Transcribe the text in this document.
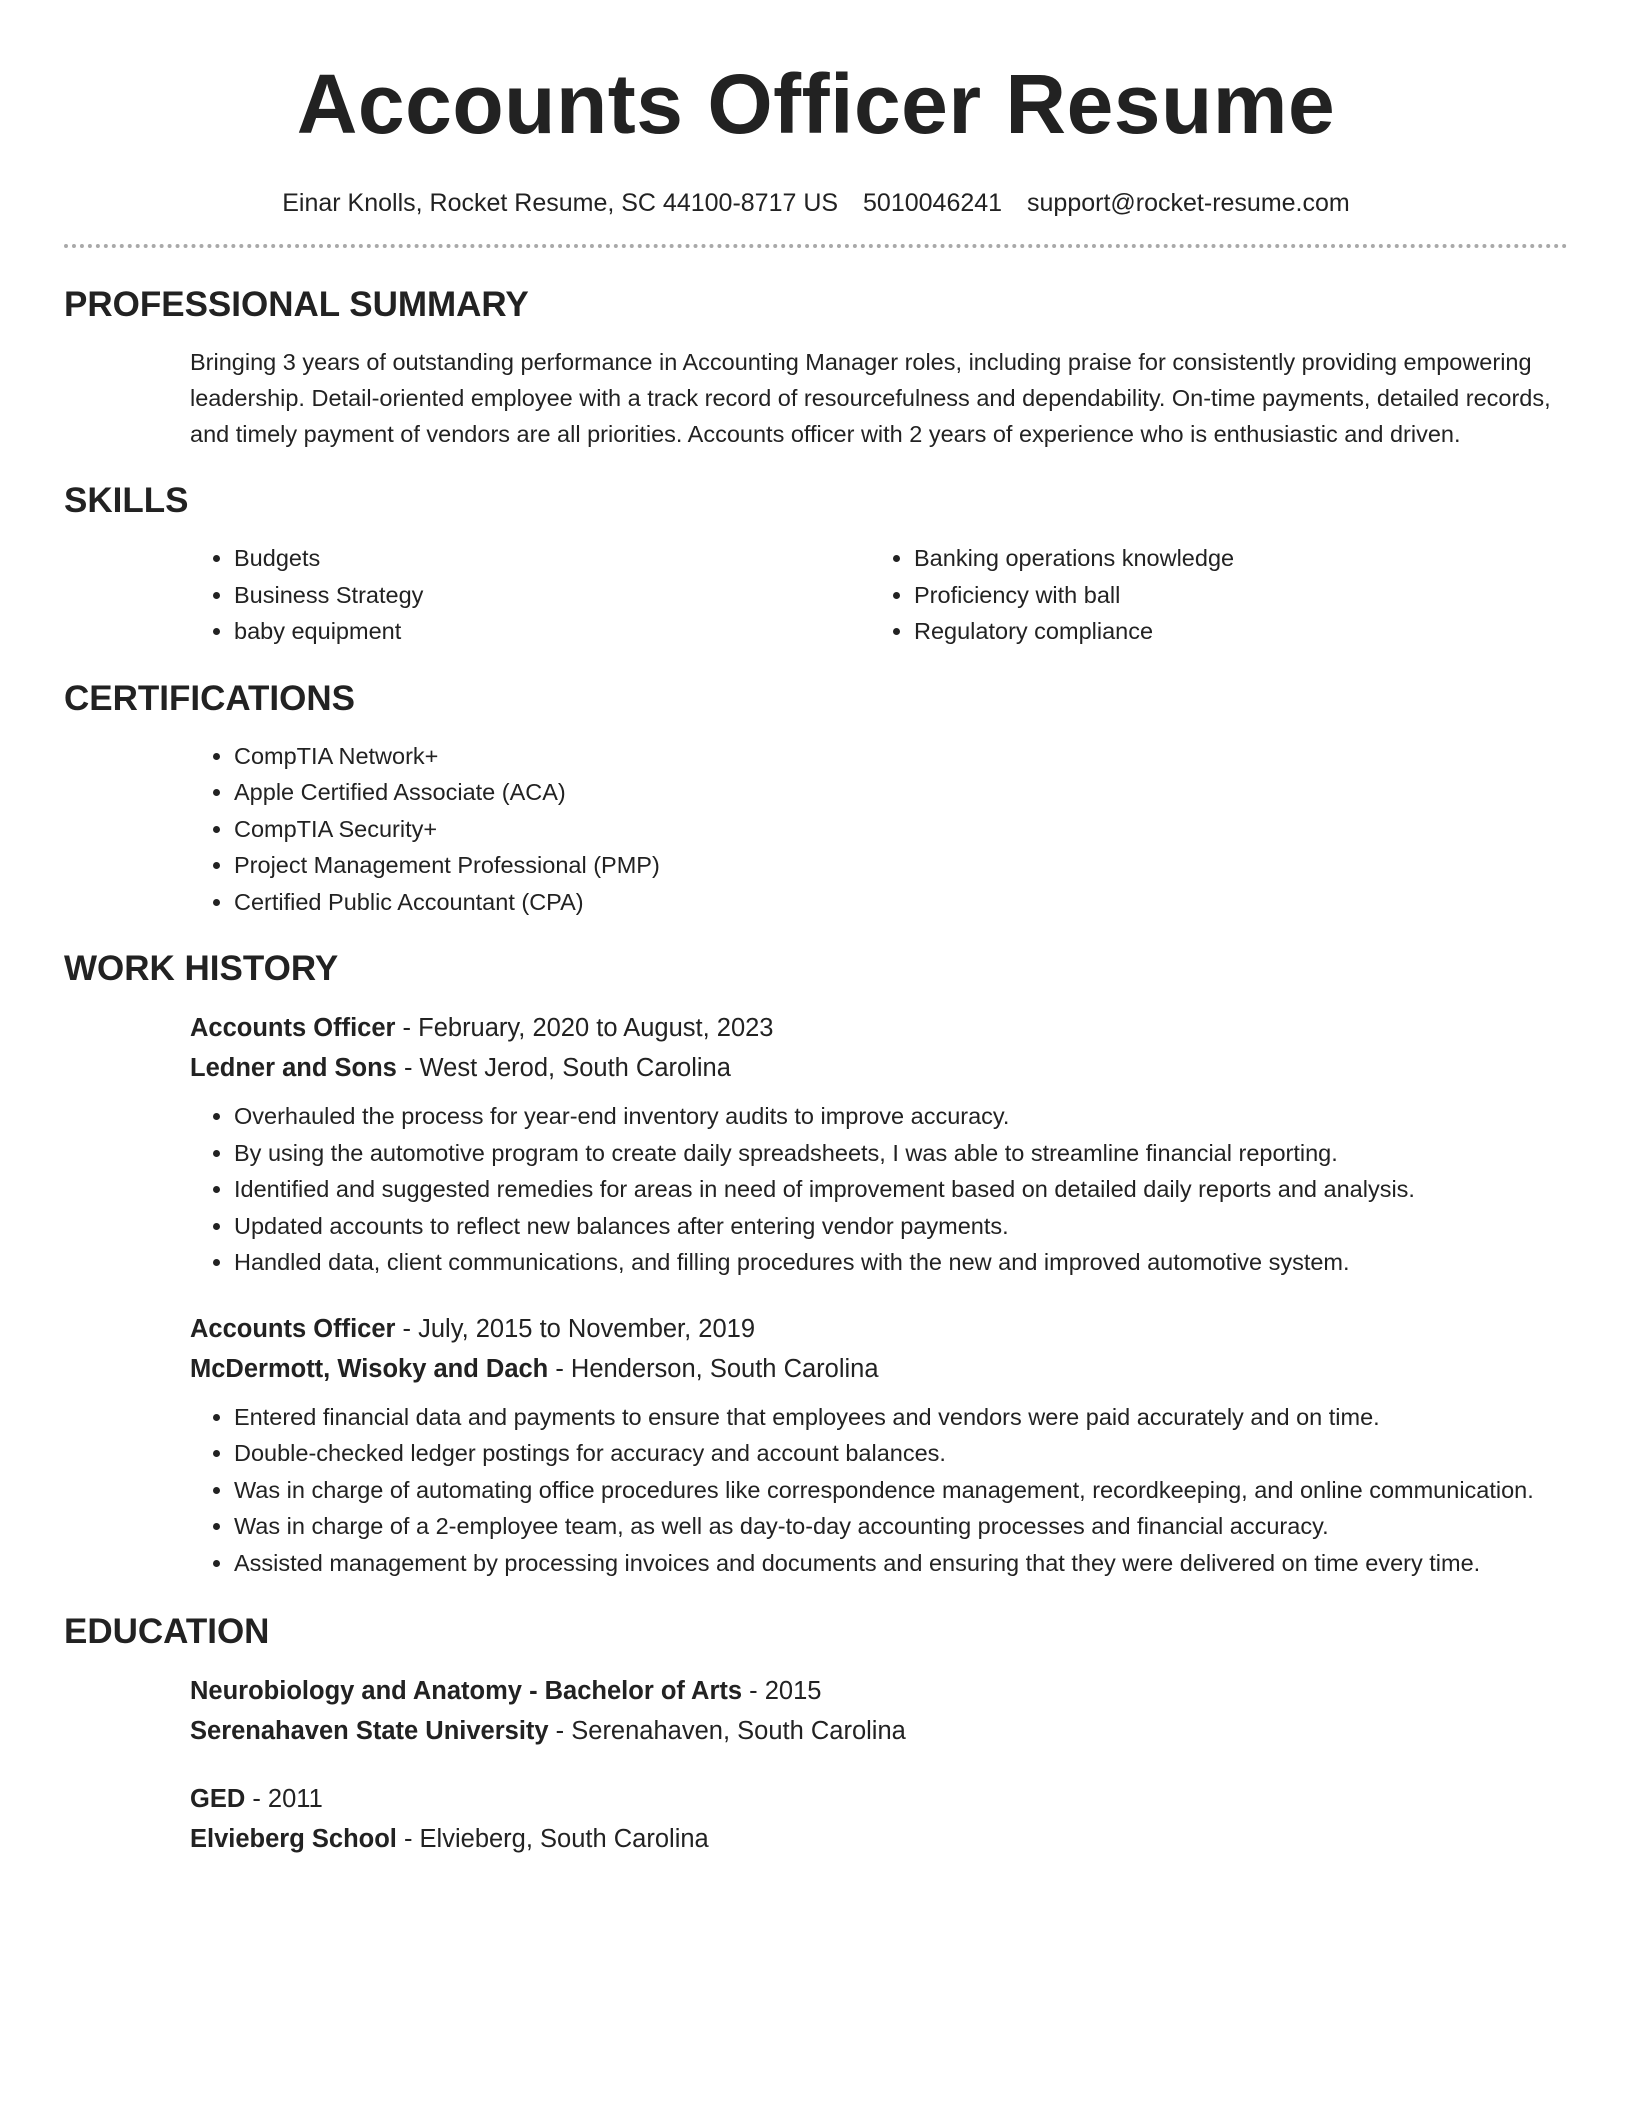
Accounts Officer Resume
Einar Knolls, Rocket Resume, SC 44100-8717 US 5010046241 support@rocket-resume.com
PROFESSIONAL SUMMARY

Bringing 3 years of outstanding performance in Accounting Manager roles, including praise for consistently providing empowering leadership. Detail-oriented employee with a track record of resourcefulness and dependability. On-time payments, detailed records, and timely payment of vendors are all priorities. Accounts officer with 2 years of experience who is enthusiastic and driven.

SKILLS
• Budgets
• Business Strategy
• baby equipment
• Banking operations knowledge
• Proficiency with ball
• Regulatory compliance
CERTIFICATIONS
• CompTIA Network+
• Apple Certified Associate (ACA)
• CompTIA Security+
• Project Management Professional (PMP)
• Certified Public Accountant (CPA)
WORK HISTORY
Accounts Officer - February, 2020 to August, 2023
Ledner and Sons - West Jerod, South Carolina
• Overhauled the process for year-end inventory audits to improve accuracy.
• By using the automotive program to create daily spreadsheets, I was able to streamline financial reporting.
• Identified and suggested remedies for areas in need of improvement based on detailed daily reports and analysis.
• Updated accounts to reflect new balances after entering vendor payments.
• Handled data, client communications, and filling procedures with the new and improved automotive system.
Accounts Officer - July, 2015 to November, 2019
McDermott, Wisoky and Dach - Henderson, South Carolina
• Entered financial data and payments to ensure that employees and vendors were paid accurately and on time.
• Double-checked ledger postings for accuracy and account balances.
• Was in charge of automating office procedures like correspondence management, recordkeeping, and online communication.
• Was in charge of a 2-employee team, as well as day-to-day accounting processes and financial accuracy.
• Assisted management by processing invoices and documents and ensuring that they were delivered on time every time.
EDUCATION
Neurobiology and Anatomy - Bachelor of Arts - 2015
Serenahaven State University - Serenahaven, South Carolina
GED - 2011
Elvieberg School - Elvieberg, South Carolina
